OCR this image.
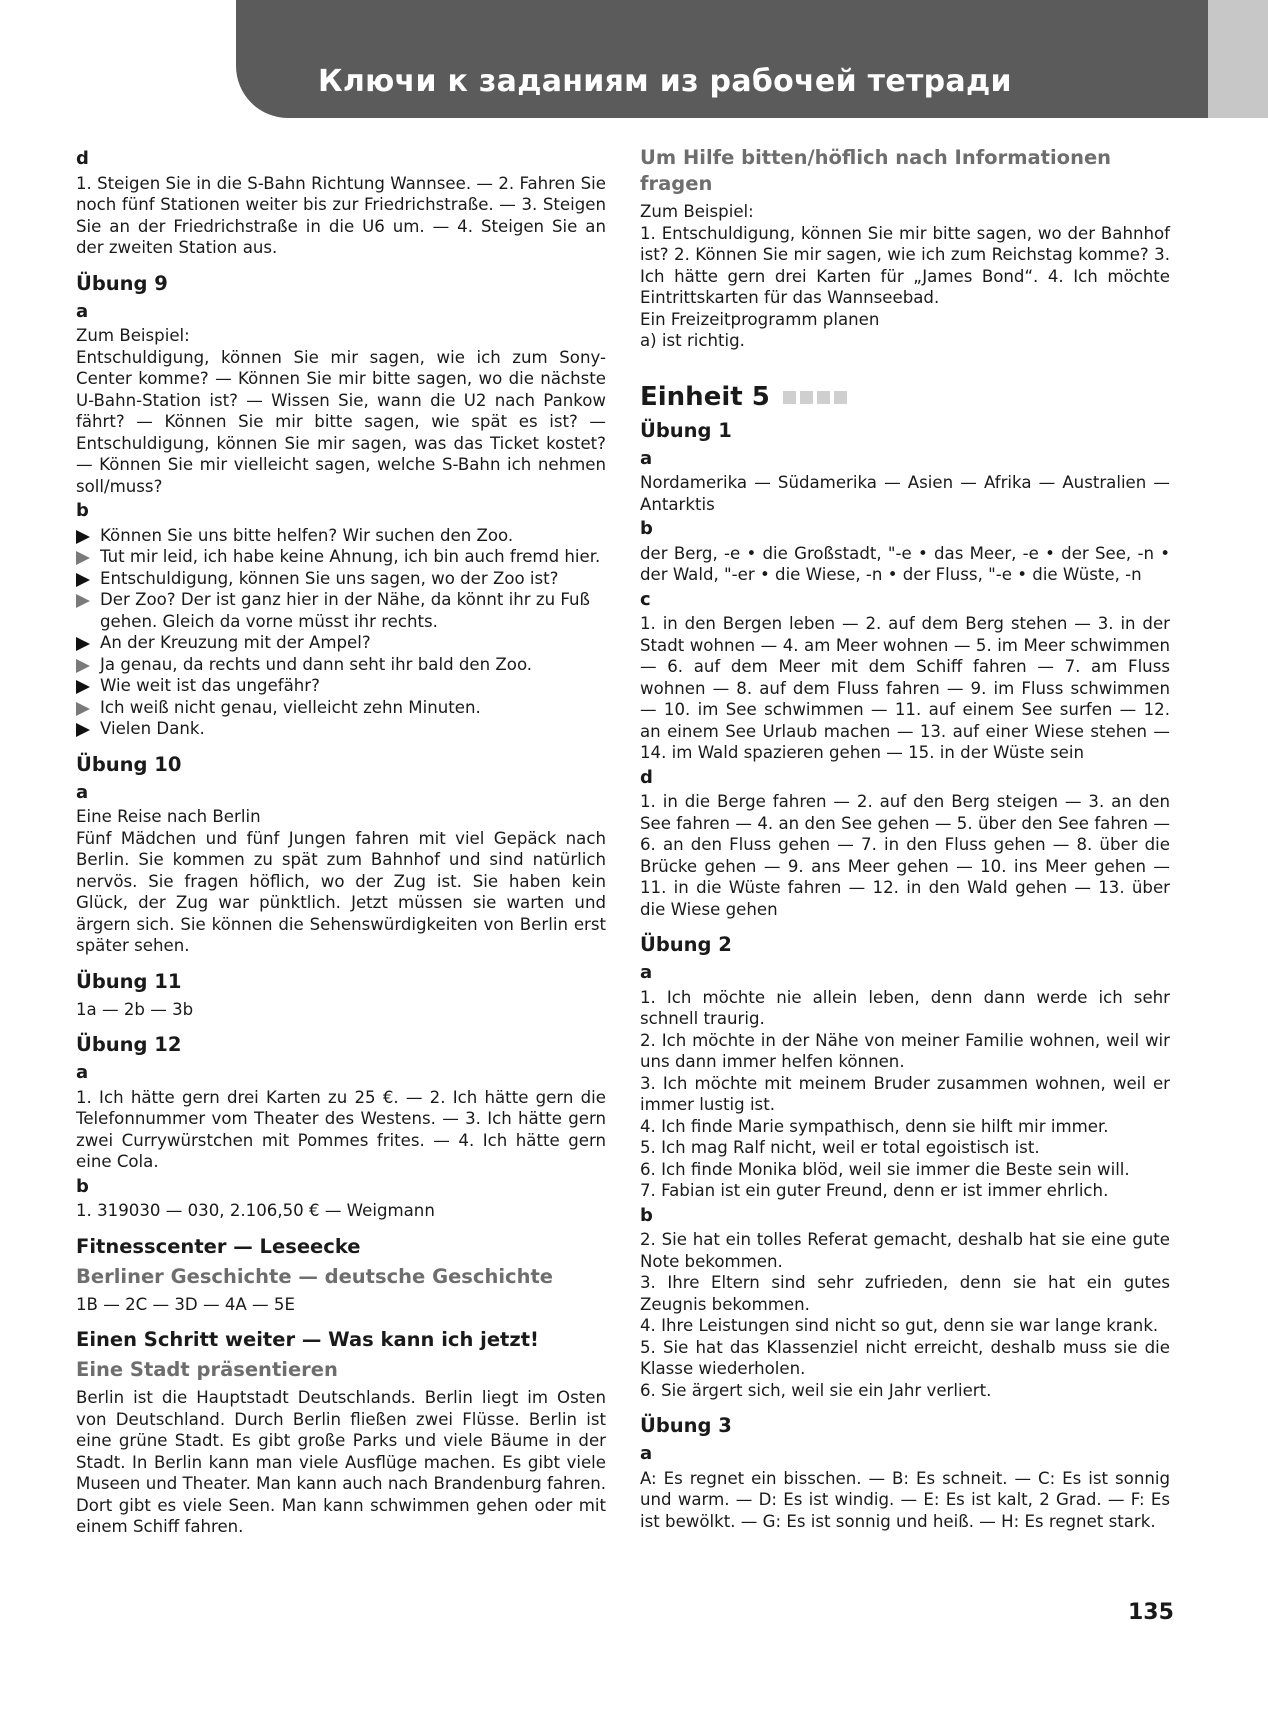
Ключи к заданиям из рабочей тетради
d

1. Steigen Sie in die S-Bahn Richtung Wannsee. — 2. Fahren Sie noch fünf Stationen weiter bis zur Friedrichstraße. — 3. Steigen Sie an der Friedrichstraße in die U6 um. — 4. Steigen Sie an der zweiten Station aus.

Übung 9
a

Zum Beispiel:

Entschuldigung, können Sie mir sagen, wie ich zum Sony-Center komme? — Können Sie mir bitte sagen, wo die nächste U-Bahn-Station ist? — Wissen Sie, wann die U2 nach Pankow fährt? — Können Sie mir bitte sagen, wie spät es ist? — Entschuldigung, können Sie mir sagen, was das Ticket kostet? — Können Sie mir vielleicht sagen, welche S-Bahn ich nehmen soll/muss?

b
Können Sie uns bitte helfen? Wir suchen den Zoo.
Tut mir leid, ich habe keine Ahnung, ich bin auch fremd hier.
Entschuldigung, können Sie uns sagen, wo der Zoo ist?
Der Zoo? Der ist ganz hier in der Nähe, da könnt ihr zu Fuß gehen. Gleich da vorne müsst ihr rechts.
An der Kreuzung mit der Ampel?
Ja genau, da rechts und dann seht ihr bald den Zoo.
Wie weit ist das ungefähr?
Ich weiß nicht genau, vielleicht zehn Minuten.
Vielen Dank.
Übung 10
a

Eine Reise nach Berlin

Fünf Mädchen und fünf Jungen fahren mit viel Gepäck nach Berlin. Sie kommen zu spät zum Bahnhof und sind natürlich nervös. Sie fragen höflich, wo der Zug ist. Sie haben kein Glück, der Zug war pünktlich. Jetzt müssen sie warten und ärgern sich. Sie können die Sehenswürdigkeiten von Berlin erst später sehen.

Übung 11

1a — 2b — 3b

Übung 12
a

1. Ich hätte gern drei Karten zu 25 €. — 2. Ich hätte gern die Telefonnummer vom Theater des Westens. — 3. Ich hätte gern zwei Currywürstchen mit Pommes frites. — 4. Ich hätte gern eine Cola.

b

1. 319030 — 030, 2.106,50 € — Weigmann

Fitnesscenter — Leseecke
Berliner Geschichte — deutsche Geschichte

1B — 2C — 3D — 4A — 5E

Einen Schritt weiter — Was kann ich jetzt!
Eine Stadt präsentieren

Berlin ist die Hauptstadt Deutschlands. Berlin liegt im Osten von Deutschland. Durch Berlin fließen zwei Flüsse. Berlin ist eine grüne Stadt. Es gibt große Parks und viele Bäume in der Stadt. In Berlin kann man viele Ausflüge machen. Es gibt viele Museen und Theater. Man kann auch nach Brandenburg fahren. Dort gibt es viele Seen. Man kann schwimmen gehen oder mit einem Schiff fahren.

Um Hilfe bitten/höflich nach Informationen fragen

Zum Beispiel:

1. Entschuldigung, können Sie mir bitte sagen, wo der Bahnhof ist? 2. Können Sie mir sagen, wie ich zum Reichstag komme? 3. Ich hätte gern drei Karten für „James Bond“. 4. Ich möchte Eintrittskarten für das Wannseebad.

Ein Freizeitprogramm planen

a) ist richtig.

Einheit 5
Übung 1
a

Nordamerika — Südamerika — Asien — Afrika — Australien — Antarktis

b

der Berg, -e • die Großstadt, "-e • das Meer, -e • der See, -n • der Wald, "-er • die Wiese, -n • der Fluss, "-e • die Wüste, -n

c

1. in den Bergen leben — 2. auf dem Berg stehen — 3. in der Stadt wohnen — 4. am Meer wohnen — 5. im Meer schwimmen — 6. auf dem Meer mit dem Schiff fahren — 7. am Fluss wohnen — 8. auf dem Fluss fahren — 9. im Fluss schwimmen — 10. im See schwimmen — 11. auf einem See surfen — 12. an einem See Urlaub machen — 13. auf einer Wiese stehen — 14. im Wald spazieren gehen — 15. in der Wüste sein

d

1. in die Berge fahren — 2. auf den Berg steigen — 3. an den See fahren — 4. an den See gehen — 5. über den See fahren — 6. an den Fluss gehen — 7. in den Fluss gehen — 8. über die Brücke gehen — 9. ans Meer gehen — 10. ins Meer gehen — 11. in die Wüste fahren — 12. in den Wald gehen — 13. über die Wiese gehen

Übung 2
a

1. Ich möchte nie allein leben, denn dann werde ich sehr schnell traurig.

2. Ich möchte in der Nähe von meiner Familie wohnen, weil wir uns dann immer helfen können.

3. Ich möchte mit meinem Bruder zusammen wohnen, weil er immer lustig ist.

4. Ich finde Marie sympathisch, denn sie hilft mir immer.

5. Ich mag Ralf nicht, weil er total egoistisch ist.

6. Ich finde Monika blöd, weil sie immer die Beste sein will.

7. Fabian ist ein guter Freund, denn er ist immer ehrlich.

b

2. Sie hat ein tolles Referat gemacht, deshalb hat sie eine gute Note bekommen.

3. Ihre Eltern sind sehr zufrieden, denn sie hat ein gutes Zeugnis bekommen.

4. Ihre Leistungen sind nicht so gut, denn sie war lange krank.

5. Sie hat das Klassenziel nicht erreicht, deshalb muss sie die Klasse wiederholen.

6. Sie ärgert sich, weil sie ein Jahr verliert.

Übung 3
a

A: Es regnet ein bisschen. — B: Es schneit. — C: Es ist sonnig und warm. — D: Es ist windig. — E: Es ist kalt, 2 Grad. — F: Es ist bewölkt. — G: Es ist sonnig und heiß. — H: Es regnet stark.

135
